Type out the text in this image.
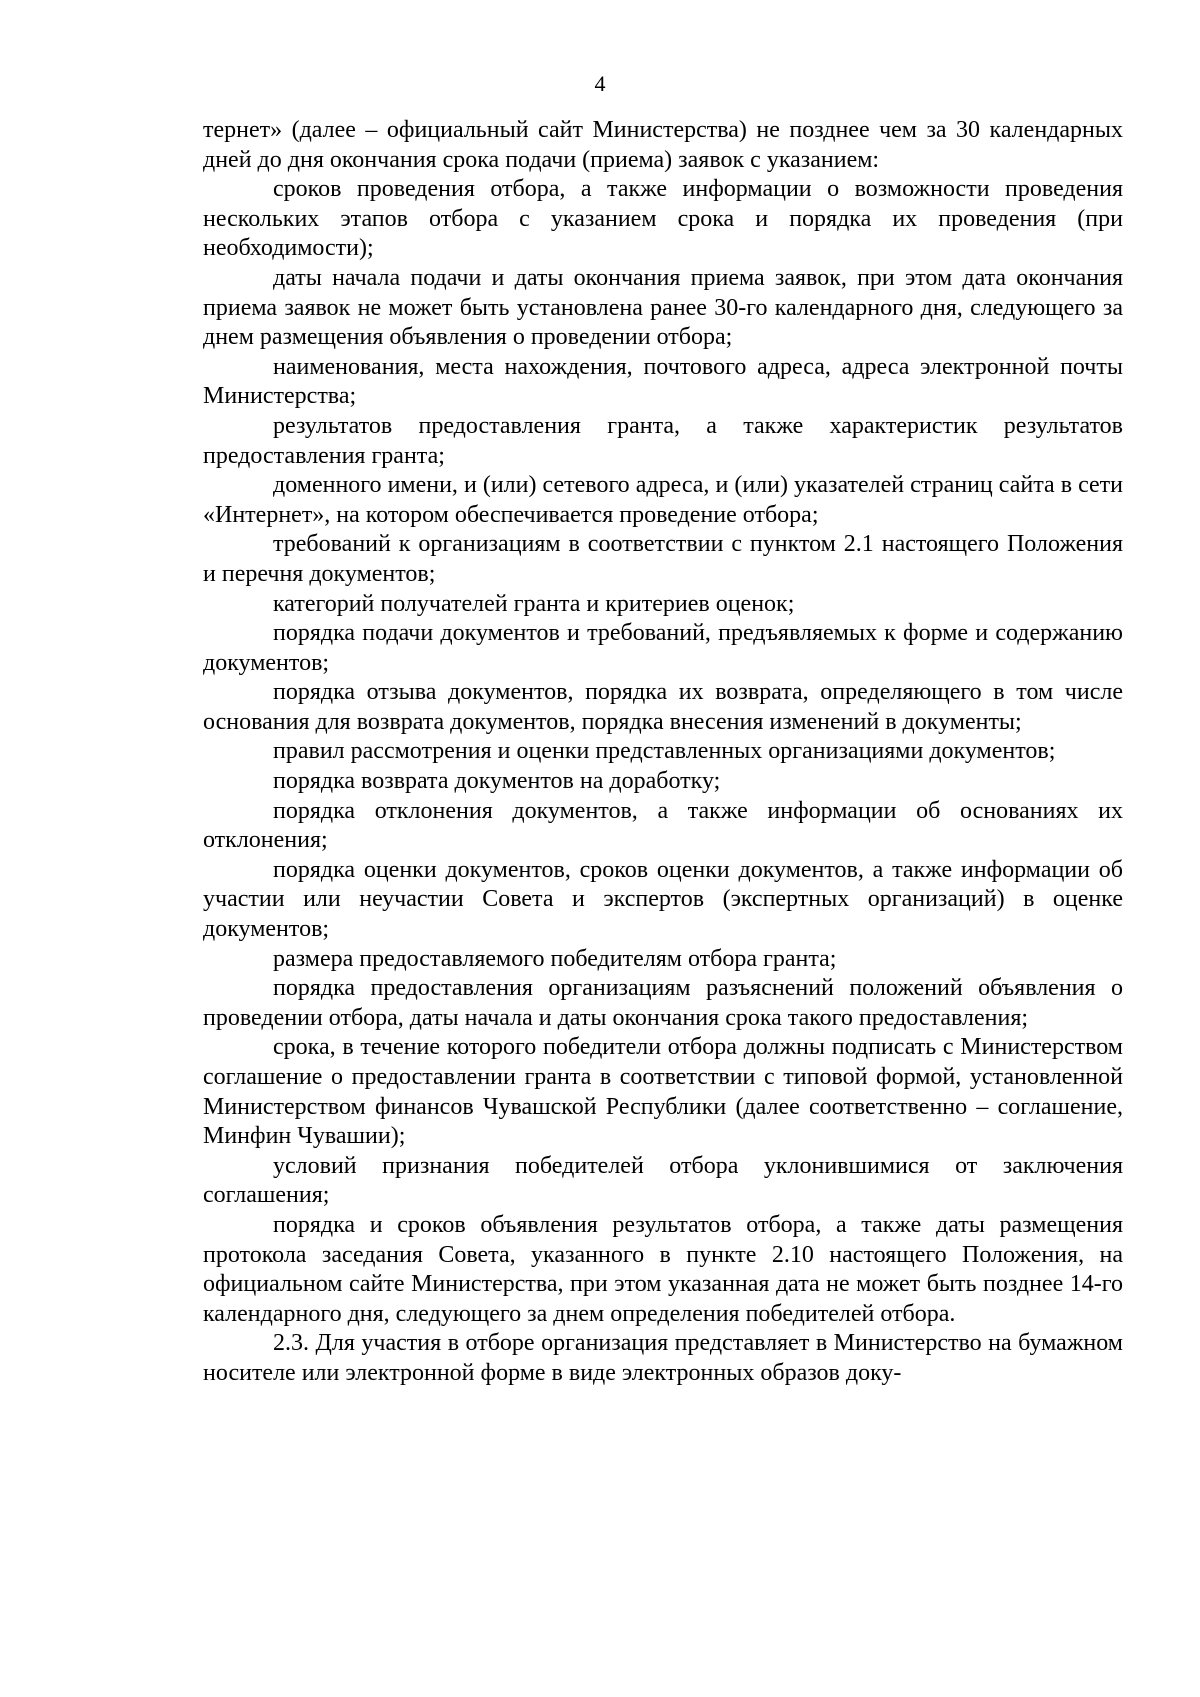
4

тернет» (далее – официальный сайт Министерства) не позднее чем за 30 календарных дней до дня окончания срока подачи (приема) заявок с указанием:

сроков проведения отбора, а также информации о возможности проведения нескольких этапов отбора с указанием срока и порядка их проведения (при необходимости);

даты начала подачи и даты окончания приема заявок, при этом дата окончания приема заявок не может быть установлена ранее 30-го календарного дня, следующего за днем размещения объявления о проведении отбора;

наименования, места нахождения, почтового адреса, адреса электронной почты Министерства;

результатов предоставления гранта, а также характеристик результатов предоставления гранта;

доменного имени, и (или) сетевого адреса, и (или) указателей страниц сайта в сети «Интернет», на котором обеспечивается проведение отбора;

требований к организациям в соответствии с пунктом 2.1 настоящего Положения и перечня документов;

категорий получателей гранта и критериев оценок;

порядка подачи документов и требований, предъявляемых к форме и содержанию документов;

порядка отзыва документов, порядка их возврата, определяющего в том числе основания для возврата документов, порядка внесения изменений в документы;

правил рассмотрения и оценки представленных организациями документов;

порядка возврата документов на доработку;

порядка отклонения документов, а также информации об основаниях их отклонения;

порядка оценки документов, сроков оценки документов, а также информации об участии или неучастии Совета и экспертов (экспертных организаций) в оценке документов;

размера предоставляемого победителям отбора гранта;

порядка предоставления организациям разъяснений положений объявления о проведении отбора, даты начала и даты окончания срока такого предоставления;

срока, в течение которого победители отбора должны подписать с Министерством соглашение о предоставлении гранта в соответствии с типовой формой, установленной Министерством финансов Чувашской Республики (далее соответственно – соглашение, Минфин Чувашии);

условий признания победителей отбора уклонившимися от заключения соглашения;

порядка и сроков объявления результатов отбора, а также даты размещения протокола заседания Совета, указанного в пункте 2.10 настоящего Положения, на официальном сайте Министерства, при этом указанная дата не может быть позднее 14-го календарного дня, следующего за днем определения победителей отбора.

2.3. Для участия в отборе организация представляет в Министерство на бумажном носителе или электронной форме в виде электронных образов доку-
